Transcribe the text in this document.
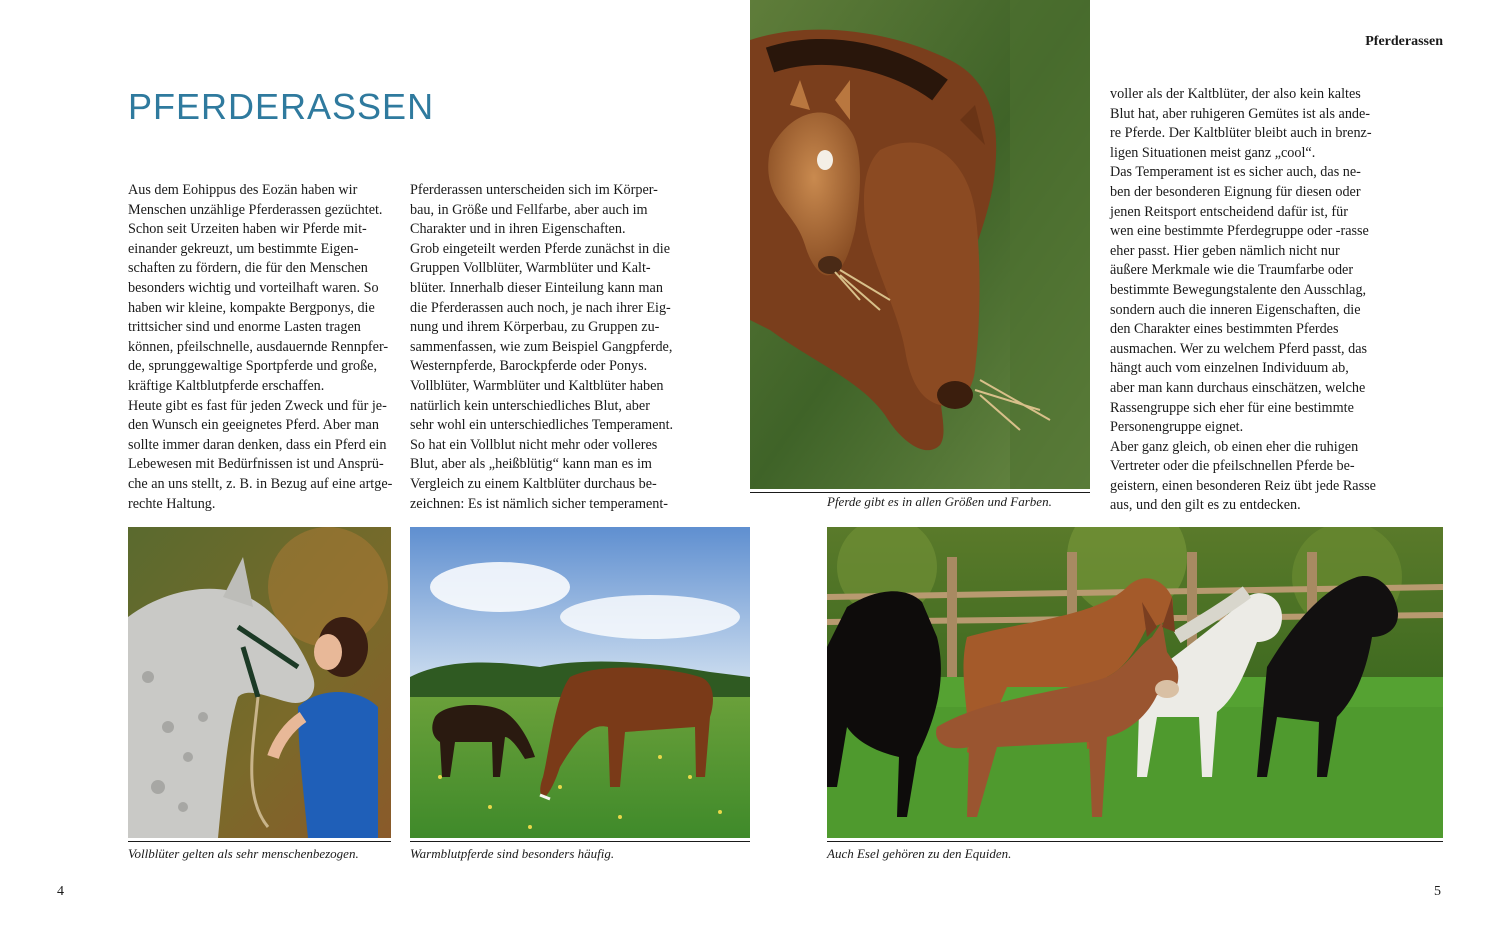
Pferderassen
PFERDERASSEN

Aus dem Eohippus des Eozän haben wir
Menschen unzählige Pferderassen gezüchtet.
Schon seit Urzeiten haben wir Pferde mit-
einander gekreuzt, um bestimmte Eigen-
schaften zu fördern, die für den Menschen
besonders wichtig und vorteilhaft waren. So
haben wir kleine, kompakte Bergponys, die
trittsicher sind und enorme Lasten tragen
können, pfeilschnelle, ausdauernde Rennpfer-
de, sprunggewaltige Sportpferde und große,
kräftige Kaltblutpferde erschaffen.
Heute gibt es fast für jeden Zweck und für je-
den Wunsch ein geeignetes Pferd. Aber man
sollte immer daran denken, dass ein Pferd ein
Lebewesen mit Bedürfnissen ist und Ansprü-
che an uns stellt, z. B. in Bezug auf eine artge-
rechte Haltung.

Pferderassen unterscheiden sich im Körper-
bau, in Größe und Fellfarbe, aber auch im
Charakter und in ihren Eigenschaften.
Grob eingeteilt werden Pferde zunächst in die
Gruppen Vollblüter, Warmblüter und Kalt-
blüter. Innerhalb dieser Einteilung kann man
die Pferderassen auch noch, je nach ihrer Eig-
nung und ihrem Körperbau, zu Gruppen zu-
sammenfassen, wie zum Beispiel Gangpferde,
Westernpferde, Barockpferde oder Ponys.
Vollblüter, Warmblüter und Kaltblüter haben
natürlich kein unterschiedliches Blut, aber
sehr wohl ein unterschiedliches Temperament.
So hat ein Vollblut nicht mehr oder volleres
Blut, aber als „heißblütig“ kann man es im
Vergleich zu einem Kaltblüter durchaus be-
zeichnen: Es ist nämlich sicher temperament-

voller als der Kaltblüter, der also kein kaltes
Blut hat, aber ruhigeren Gemütes ist als ande-
re Pferde. Der Kaltblüter bleibt auch in brenz-
ligen Situationen meist ganz „cool“.
Das Temperament ist es sicher auch, das ne-
ben der besonderen Eignung für diesen oder
jenen Reitsport entscheidend dafür ist, für
wen eine bestimmte Pferdegruppe oder -rasse
eher passt. Hier geben nämlich nicht nur
äußere Merkmale wie die Traumfarbe oder
bestimmte Bewegungstalente den Ausschlag,
sondern auch die inneren Eigenschaften, die
den Charakter eines bestimmten Pferdes
ausmachen. Wer zu welchem Pferd passt, das
hängt auch vom einzelnen Individuum ab,
aber man kann durchaus einschätzen, welche
Rassengruppe sich eher für eine bestimmte
Personengruppe eignet.
Aber ganz gleich, ob einen eher die ruhigen
Vertreter oder die pfeilschnellen Pferde be-
geistern, einen besonderen Reiz übt jede Rasse
aus, und den gilt es zu entdecken.

Pferde gibt es in allen Größen und Farben.
Vollblüter gelten als sehr menschenbezogen.	Warmblutpferde sind besonders häufig.	Auch Esel gehören zu den Equiden.
4	5
